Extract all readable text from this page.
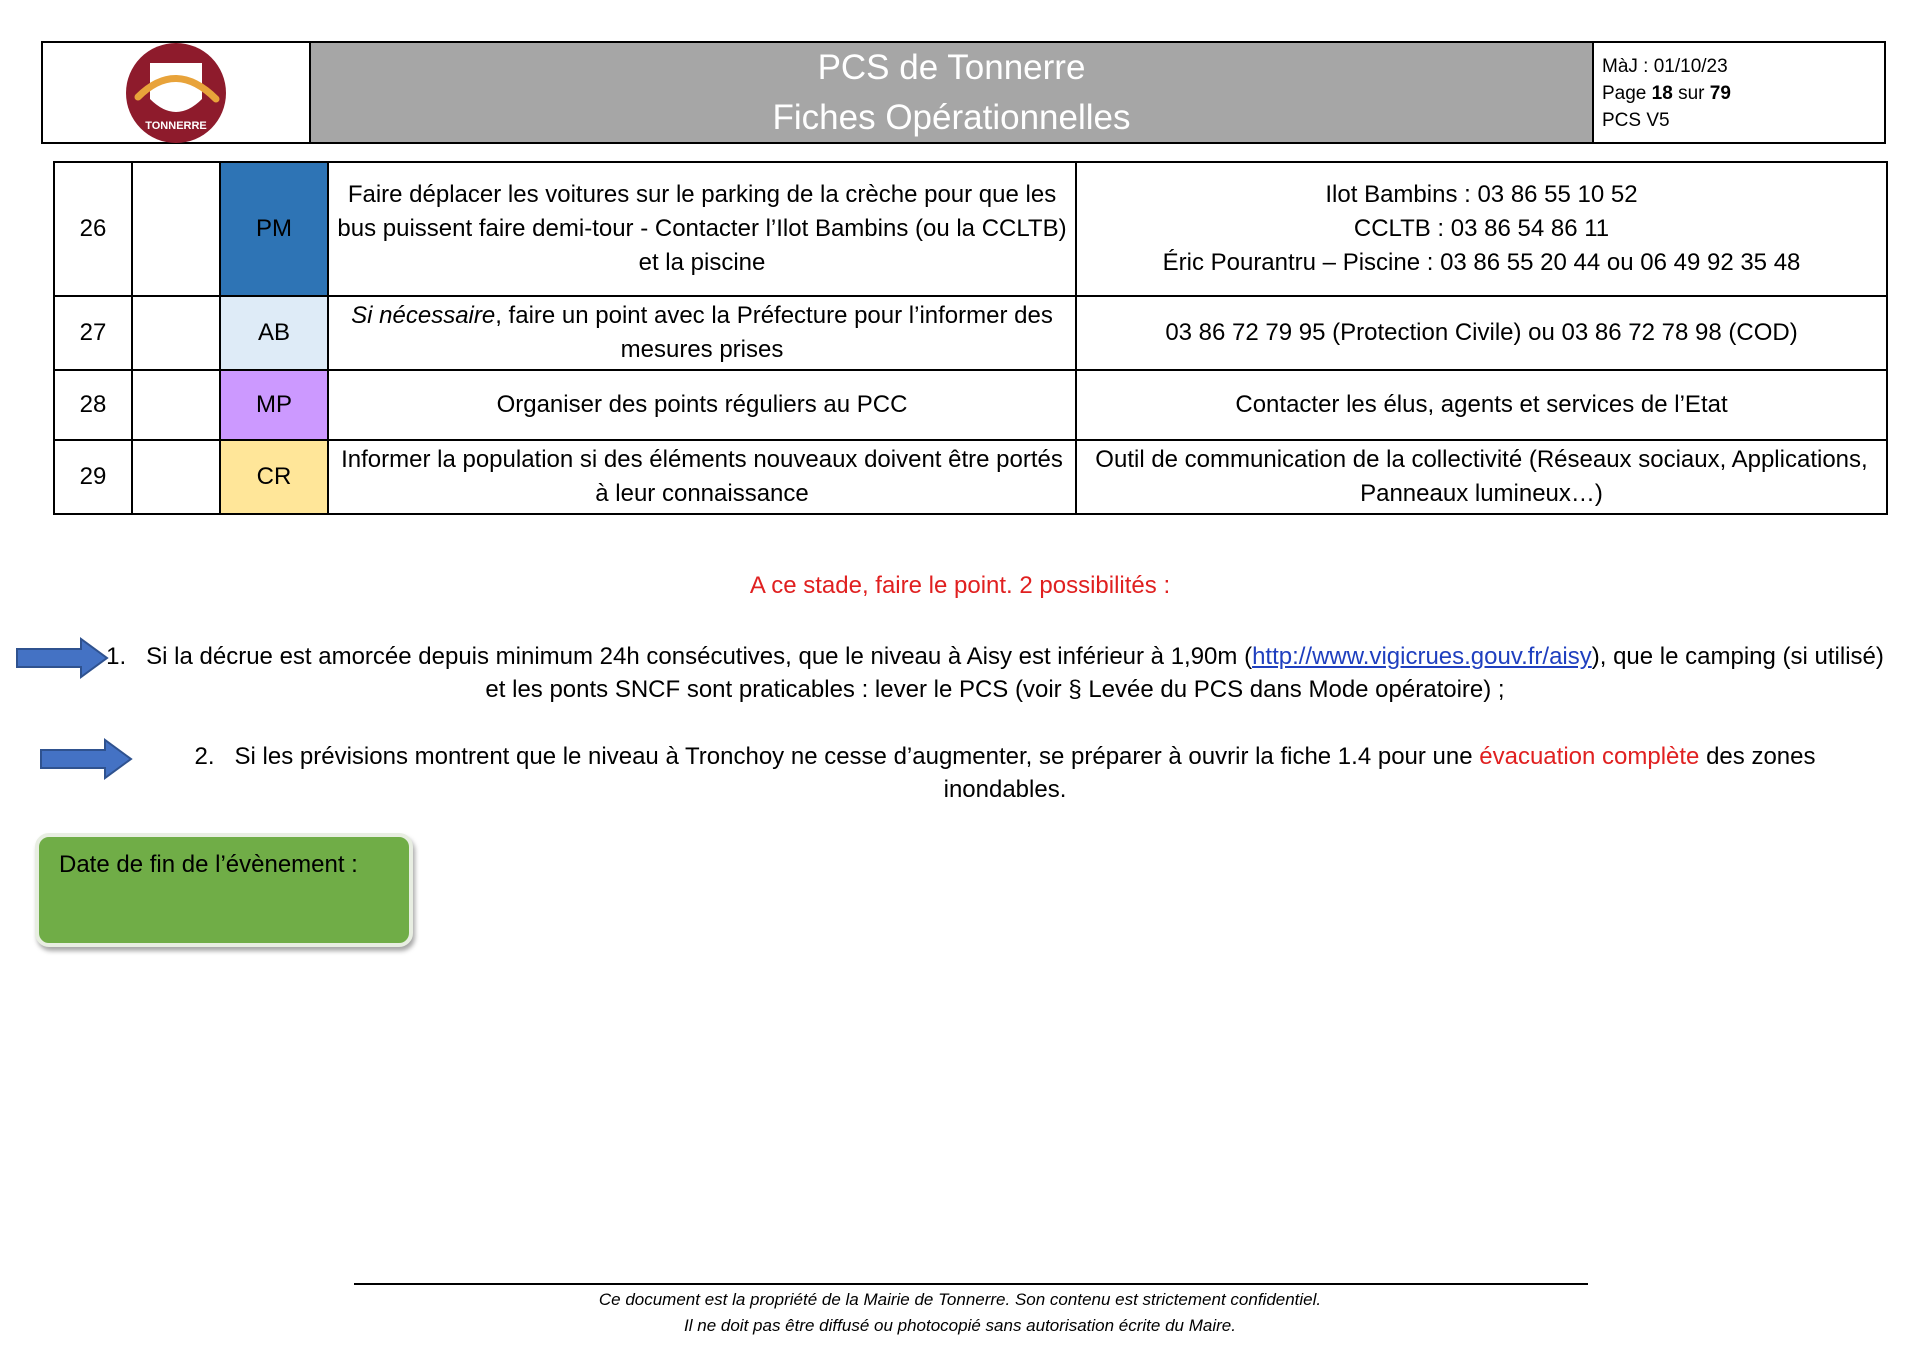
TONNERRE
PCS de Tonnerre
Fiches Opérationnelles
MàJ : 01/10/23
Page 18 sur 79
PCS V5
26		PM	Faire déplacer les voitures sur le parking de la crèche pour que les bus puissent faire demi-tour - Contacter l’Ilot Bambins (ou la CCLTB) et la piscine	Ilot Bambins : 03 86 55 10 52
CCLTB : 03 86 54 86 11
Éric Pourantru – Piscine : 03 86 55 20 44 ou 06 49 92 35 48

27		AB	Si nécessaire, faire un point avec la Préfecture pour l’informer des mesures prises	03 86 72 79 95 (Protection Civile) ou 03 86 72 78 98 (COD)
28		MP	Organiser des points réguliers au PCC	Contacter les élus, agents et services de l’Etat
29		CR	Informer la population si des éléments nouveaux doivent être portés à leur connaissance	Outil de communication de la collectivité (Réseaux sociaux, Applications, Panneaux lumineux…)
A ce stade, faire le point. 2 possibilités :
1. Si la décrue est amorcée depuis minimum 24h consécutives, que le niveau à Aisy est inférieur à 1,90m (http://www.vigicrues.gouv.fr/aisy), que le camping (si utilisé) et les ponts SNCF sont praticables : lever le PCS (voir § Levée du PCS dans Mode opératoire) ;
2. Si les prévisions montrent que le niveau à Tronchoy ne cesse d’augmenter, se préparer à ouvrir la fiche 1.4 pour une évacuation complète des zones inondables.
Date de fin de l’évènement :
Ce document est la propriété de la Mairie de Tonnerre. Son contenu est strictement confidentiel.
Il ne doit pas être diffusé ou photocopié sans autorisation écrite du Maire.
